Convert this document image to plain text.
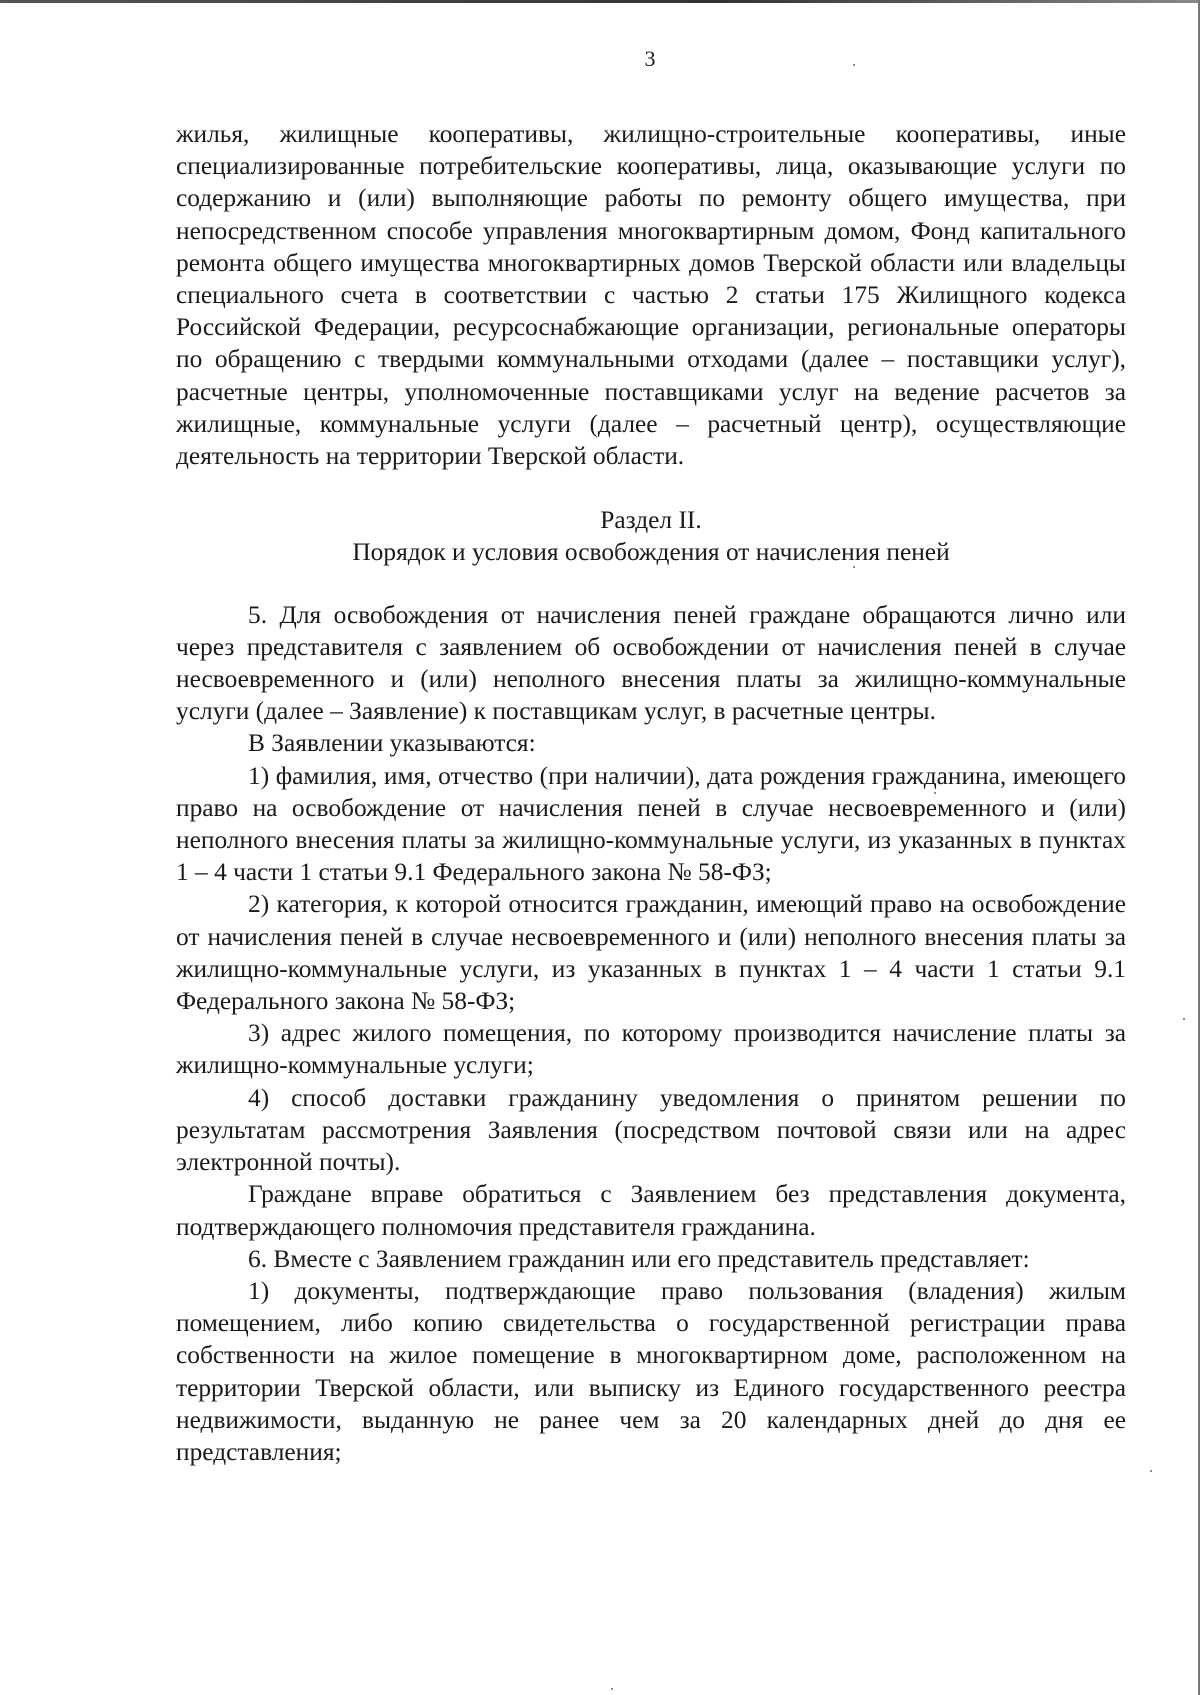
3

жилья, жилищные кооперативы, жилищно-строительные кооперативы, иные специализированные потребительские кооперативы, лица, оказывающие услуги по содержанию и (или) выполняющие работы по ремонту общего имущества, при непосредственном способе управления многоквартирным домом, Фонд капитального ремонта общего имущества многоквартирных домов Тверской области или владельцы специального счета в соответствии с частью 2 статьи 175 Жилищного кодекса Российской Федерации, ресурсоснабжающие организации, региональные операторы по обращению с твердыми коммунальными отходами (далее – поставщики услуг), расчетные центры, уполномоченные поставщиками услуг на ведение расчетов за жилищные, коммунальные услуги (далее – расчетный центр), осуществляющие деятельность на территории Тверской области.

Раздел II.

Порядок и условия освобождения от начисления пеней

5. Для освобождения от начисления пеней граждане обращаются лично или через представителя с заявлением об освобождении от начисления пеней в случае несвоевременного и (или) неполного внесения платы за жилищно-коммунальные услуги (далее – Заявление) к поставщикам услуг, в расчетные центры.

В Заявлении указываются:

1) фамилия, имя, отчество (при наличии), дата рождения гражданина, имеющего право на освобождение от начисления пеней в случае несвоевременного и (или) неполного внесения платы за жилищно-коммунальные услуги, из указанных в пунктах 1 – 4 части 1 статьи 9.1 Федерального закона № 58-ФЗ;

2) категория, к которой относится гражданин, имеющий право на освобождение от начисления пеней в случае несвоевременного и (или) неполного внесения платы за жилищно-коммунальные услуги, из указанных в пунктах 1 – 4 части 1 статьи 9.1 Федерального закона № 58-ФЗ;

3) адрес жилого помещения, по которому производится начисление платы за жилищно-коммунальные услуги;

4) способ доставки гражданину уведомления о принятом решении по результатам рассмотрения Заявления (посредством почтовой связи или на адрес электронной почты).

Граждане вправе обратиться с Заявлением без представления документа, подтверждающего полномочия представителя гражданина.

6. Вместе с Заявлением гражданин или его представитель представляет:

1) документы, подтверждающие право пользования (владения) жилым помещением, либо копию свидетельства о государственной регистрации права собственности на жилое помещение в многоквартирном доме, расположенном на территории Тверской области, или выписку из Единого государственного реестра недвижимости, выданную не ранее чем за 20 календарных дней до дня ее представления;
